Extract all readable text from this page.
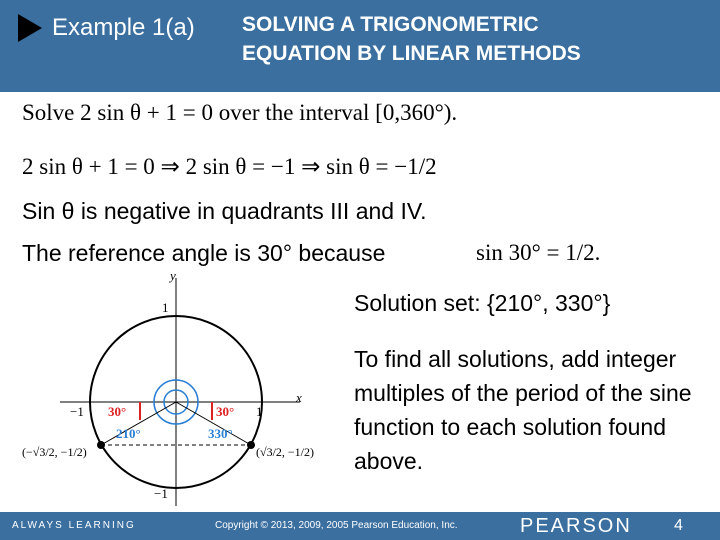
Example 1(a) SOLVING A TRIGONOMETRIC
EQUATION BY LINEAR METHODS
Solve 2 sin θ + 1 = 0 over the interval [0,360°).
2 sin θ + 1 = 0 ⇒ 2 sin θ = −1 ⇒ sin θ = −1/2
Sin θ is negative in quadrants III and IV.
The reference angle is 30° because	sin 30° = 1/2.
Solution set: {210°, 330°}
To find all solutions, add integer multiples of the period of the sine function to each solution found above.
x
y
1
−1
−1	1
30°	30°
210°	330°
(−√3/2, −1/2)	(√3/2, −1/2)
ALWAYS LEARNING	Copyright © 2013, 2009, 2005 Pearson Education, Inc.	PEARSON	4
